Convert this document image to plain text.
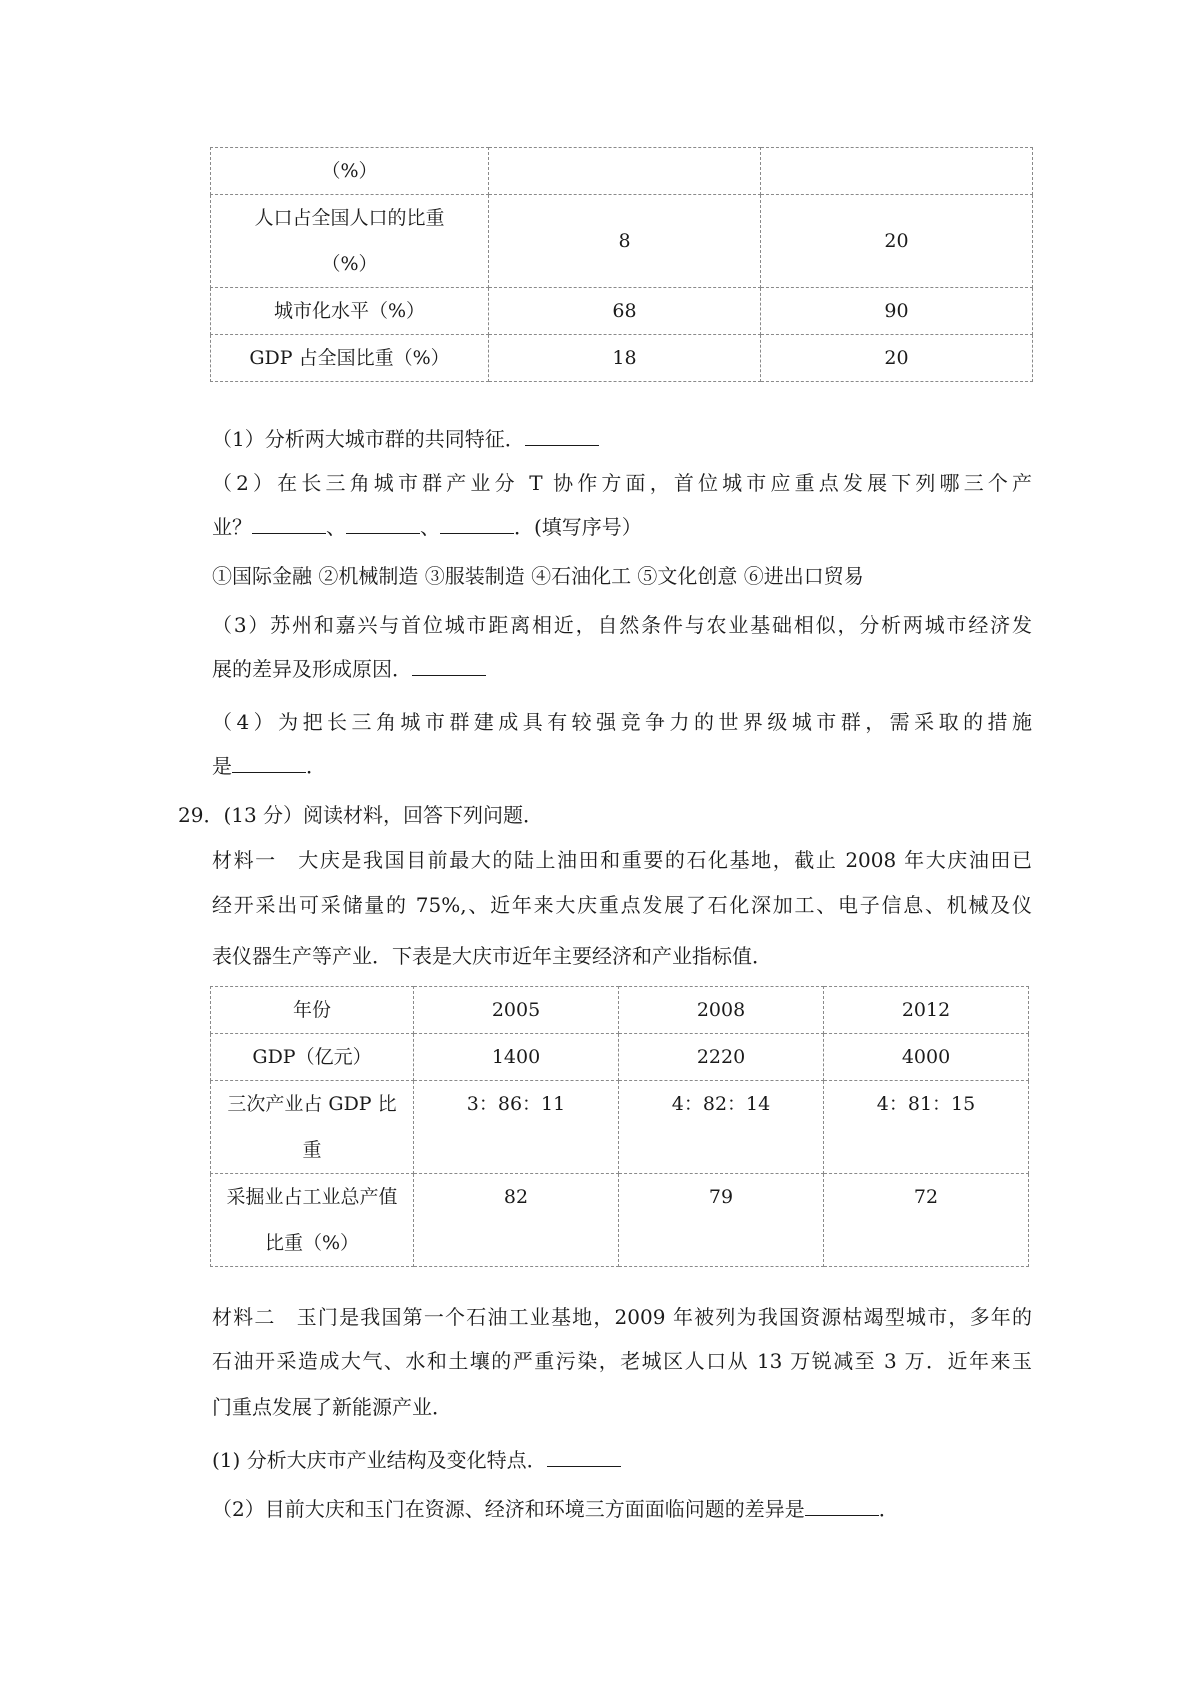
（%）		
人口占全国人口的比重
（%）	8	20
城市化水平（%）	68	90
GDP 占全国比重（%）	18	20
（1）分析两大城市群的共同特征．
（2）在长三角城市群产业分 T 协作方面，首位城市应重点发展下列哪三个产
业？	、	、	．(填写序号）
①国际金融 ②机械制造 ③服装制造 ④石油化工 ⑤文化创意 ⑥进出口贸易
（3）苏州和嘉兴与首位城市距离相近，自然条件与农业基础相似，分析两城市经济发
展的差异及形成原因．
（4）为把长三角城市群建成具有较强竞争力的世界级城市群，需采取的措施
是	．
29．(13 分）阅读材料，回答下列问题．
材料一　大庆是我国目前最大的陆上油田和重要的石化基地，截止 2008 年大庆油田已
经开采出可采储量的 75%,、近年来大庆重点发展了石化深加工、电子信息、机械及仪
表仪器生产等产业．下表是大庆市近年主要经济和产业指标值．
年份	2005	2008	2012
GDP（亿元）	1400	2220	4000
三次产业占 GDP 比
重	3：86：11	4：82：14	4：81：15
采掘业占工业总产值
比重（%）	82	79	72
材料二　玉门是我国第一个石油工业基地，2009 年被列为我国资源枯竭型城市，多年的
石油开采造成大气、水和土壤的严重污染，老城区人口从 13 万锐减至 3 万．近年来玉
门重点发展了新能源产业．
(1) 分析大庆市产业结构及变化特点．
（2）目前大庆和玉门在资源、经济和环境三方面面临问题的差异是	．
